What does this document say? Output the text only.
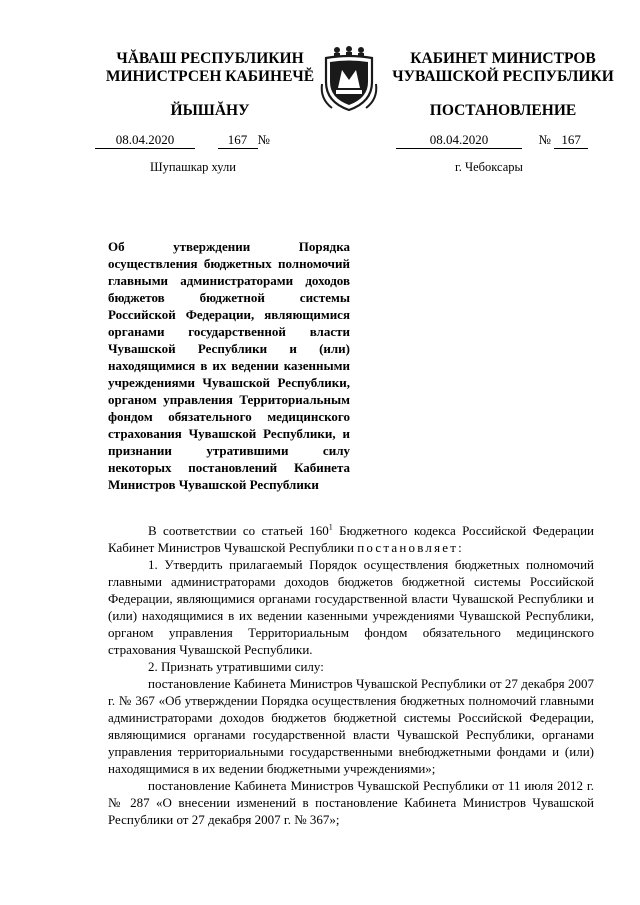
ЧĂВАШ РЕСПУБЛИКИН
МИНИСТРСЕН КАБИНЕЧĔ
ЙЫШĂНУ
КАБИНЕТ МИНИСТРОВ
ЧУВАШСКОЙ РЕСПУБЛИКИ
ПОСТАНОВЛЕНИЕ
08.04.2020	167 №	08.04.2020	№ 167
Шупашкар хули	г. Чебоксары
Об утверждении Порядка осуществления бюджетных полномочий главными администраторами доходов бюджетов бюджетной системы Российской Федерации, являющимися органами государственной власти Чувашской Республики и (или) находящимися в их ведении казенными учреждениями Чувашской Республики, органом управления Территориальным фондом обязательного медицинского страхования Чувашской Республики, и признании утратившими силу некоторых постановлений Кабинета Министров Чувашской Республики

В соответствии со статьей $160^1$ Бюджетного кодекса Российской Федерации Кабинет Министров Чувашской Республики постановляет:

1. Утвердить прилагаемый Порядок осуществления бюджетных полномочий главными администраторами доходов бюджетов бюджетной системы Российской Федерации, являющимися органами государственной власти Чувашской Республики и (или) находящимися в их ведении казенными учреждениями Чувашской Республики, органом управления Территориальным фондом обязательного медицинского страхования Чувашской Республики.

2. Признать утратившими силу:

постановление Кабинета Министров Чувашской Республики от 27 декабря 2007 г. № 367 «Об утверждении Порядка осуществления бюджетных полномочий главными администраторами доходов бюджетов бюджетной системы Российской Федерации, являющимися органами государственной власти Чувашской Республики, органами управления территориальными государственными внебюджетными фондами и (или) находящимися в их ведении бюджетными учреждениями»;

постановление Кабинета Министров Чувашской Республики от 11 июля 2012 г. № 287 «О внесении изменений в постановление Кабинета Министров Чувашской Республики от 27 декабря 2007 г. № 367»;
